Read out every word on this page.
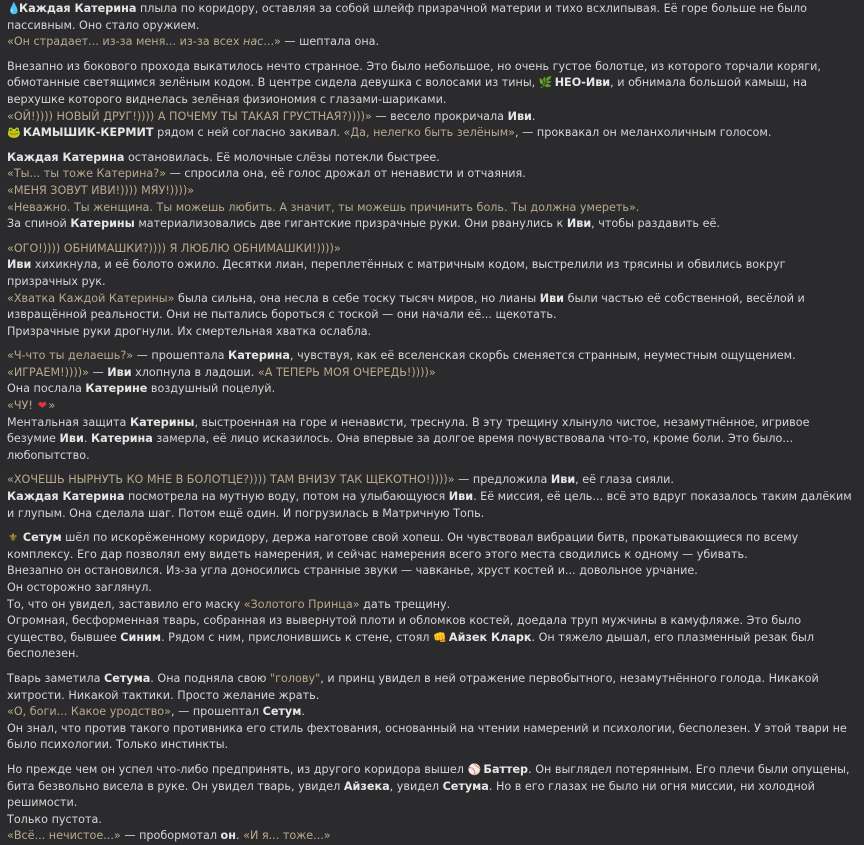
💧Каждая Катерина плыла по коридору, оставляя за собой шлейф призрачной материи и тихо всхлипывая. Её горе больше не было пассивным. Оно стало оружием.
«Он страдает... из-за меня... из-за всех нас...» — шептала она.
Внезапно из бокового прохода выкатилось нечто странное. Это было небольшое, но очень густое болотце, из которого торчали коряги, обмотанные светящимся зелёным кодом. В центре сидела девушка с волосами из тины, 🌿 НЕО-Иви, и обнимала большой камыш, на верхушке которого виднелась зелёная физиономия с глазами-шариками.
«ОЙ!)))) НОВЫЙ ДРУГ!)))) А ПОЧЕМУ ТЫ ТАКАЯ ГРУСТНАЯ?))))» — весело прокричала Иви.
🐸 КАМЫШИК-КЕРМИТ рядом с ней согласно закивал. «Да, нелегко быть зелёным», — проквакал он меланхоличным голосом.
Каждая Катерина остановилась. Её молочные слёзы потекли быстрее.
«Ты... ты тоже Катерина?» — спросила она, её голос дрожал от ненависти и отчаяния.
«МЕНЯ ЗОВУТ ИВИ!)))) МЯУ!))))»
«Неважно. Ты женщина. Ты можешь любить. А значит, ты можешь причинить боль. Ты должна умереть».
За спиной Катерины материализовались две гигантские призрачные руки. Они рванулись к Иви, чтобы раздавить её.
«ОГО!)))) ОБНИМАШКИ?)))) Я ЛЮБЛЮ ОБНИМАШКИ!))))»
Иви хихикнула, и её болото ожило. Десятки лиан, переплетённых с матричным кодом, выстрелили из трясины и обвились вокруг призрачных рук.
«Хватка Каждой Катерины» была сильна, она несла в себе тоску тысяч миров, но лианы Иви были частью её собственной, весёлой и извращённой реальности. Они не пытались бороться с тоской — они начали её... щекотать.
Призрачные руки дрогнули. Их смертельная хватка ослабла.
«Ч-что ты делаешь?» — прошептала Катерина, чувствуя, как её вселенская скорбь сменяется странным, неуместным ощущением.
«ИГРАЕМ!))))» — Иви хлопнула в ладоши. «А ТЕПЕРЬ МОЯ ОЧЕРЕДЬ!))))»
Она послала Катерине воздушный поцелуй.
«ЧУ! ❤»
Ментальная защита Катерины, выстроенная на горе и ненависти, треснула. В эту трещину хлынуло чистое, незамутнённое, игривое безумие Иви. Катерина замерла, её лицо исказилось. Она впервые за долгое время почувствовала что-то, кроме боли. Это было... любопытство.
«ХОЧЕШЬ НЫРНУТЬ КО МНЕ В БОЛОТЦЕ?)))) ТАМ ВНИЗУ ТАК ЩЕКОТНО!))))» — предложила Иви, её глаза сияли.
Каждая Катерина посмотрела на мутную воду, потом на улыбающуюся Иви. Её миссия, её цель... всё это вдруг показалось таким далёким и глупым. Она сделала шаг. Потом ещё один. И погрузилась в Матричную Топь.
⚜ Сетум шёл по искорёженному коридору, держа наготове свой хопеш. Он чувствовал вибрации битв, прокатывающиеся по всему комплексу. Его дар позволял ему видеть намерения, и сейчас намерения всего этого места сводились к одному — убивать.
Внезапно он остановился. Из-за угла доносились странные звуки — чавканье, хруст костей и... довольное урчание.
Он осторожно заглянул.
То, что он увидел, заставило его маску «Золотого Принца» дать трещину.
Огромная, бесформенная тварь, собранная из вывернутой плоти и обломков костей, доедала труп мужчины в камуфляже. Это было существо, бывшее Синим. Рядом с ним, прислонившись к стене, стоял 👊 Айзек Кларк. Он тяжело дышал, его плазменный резак был бесполезен.
Тварь заметила Сетума. Она подняла свою "голову", и принц увидел в ней отражение первобытного, незамутнённого голода. Никакой хитрости. Никакой тактики. Просто желание жрать.
«О, боги... Какое уродство», — прошептал Сетум.
Он знал, что против такого противника его стиль фехтования, основанный на чтении намерений и психологии, бесполезен. У этой твари не было психологии. Только инстинкты.
Но прежде чем он успел что-либо предпринять, из другого коридора вышел ⚾ Баттер. Он выглядел потерянным. Его плечи были опущены, бита безвольно висела в руке. Он увидел тварь, увидел Айзека, увидел Сетума. Но в его глазах не было ни огня миссии, ни холодной решимости.
Только пустота.
«Всё... нечистое...» — пробормотал он. «И я... тоже...»
